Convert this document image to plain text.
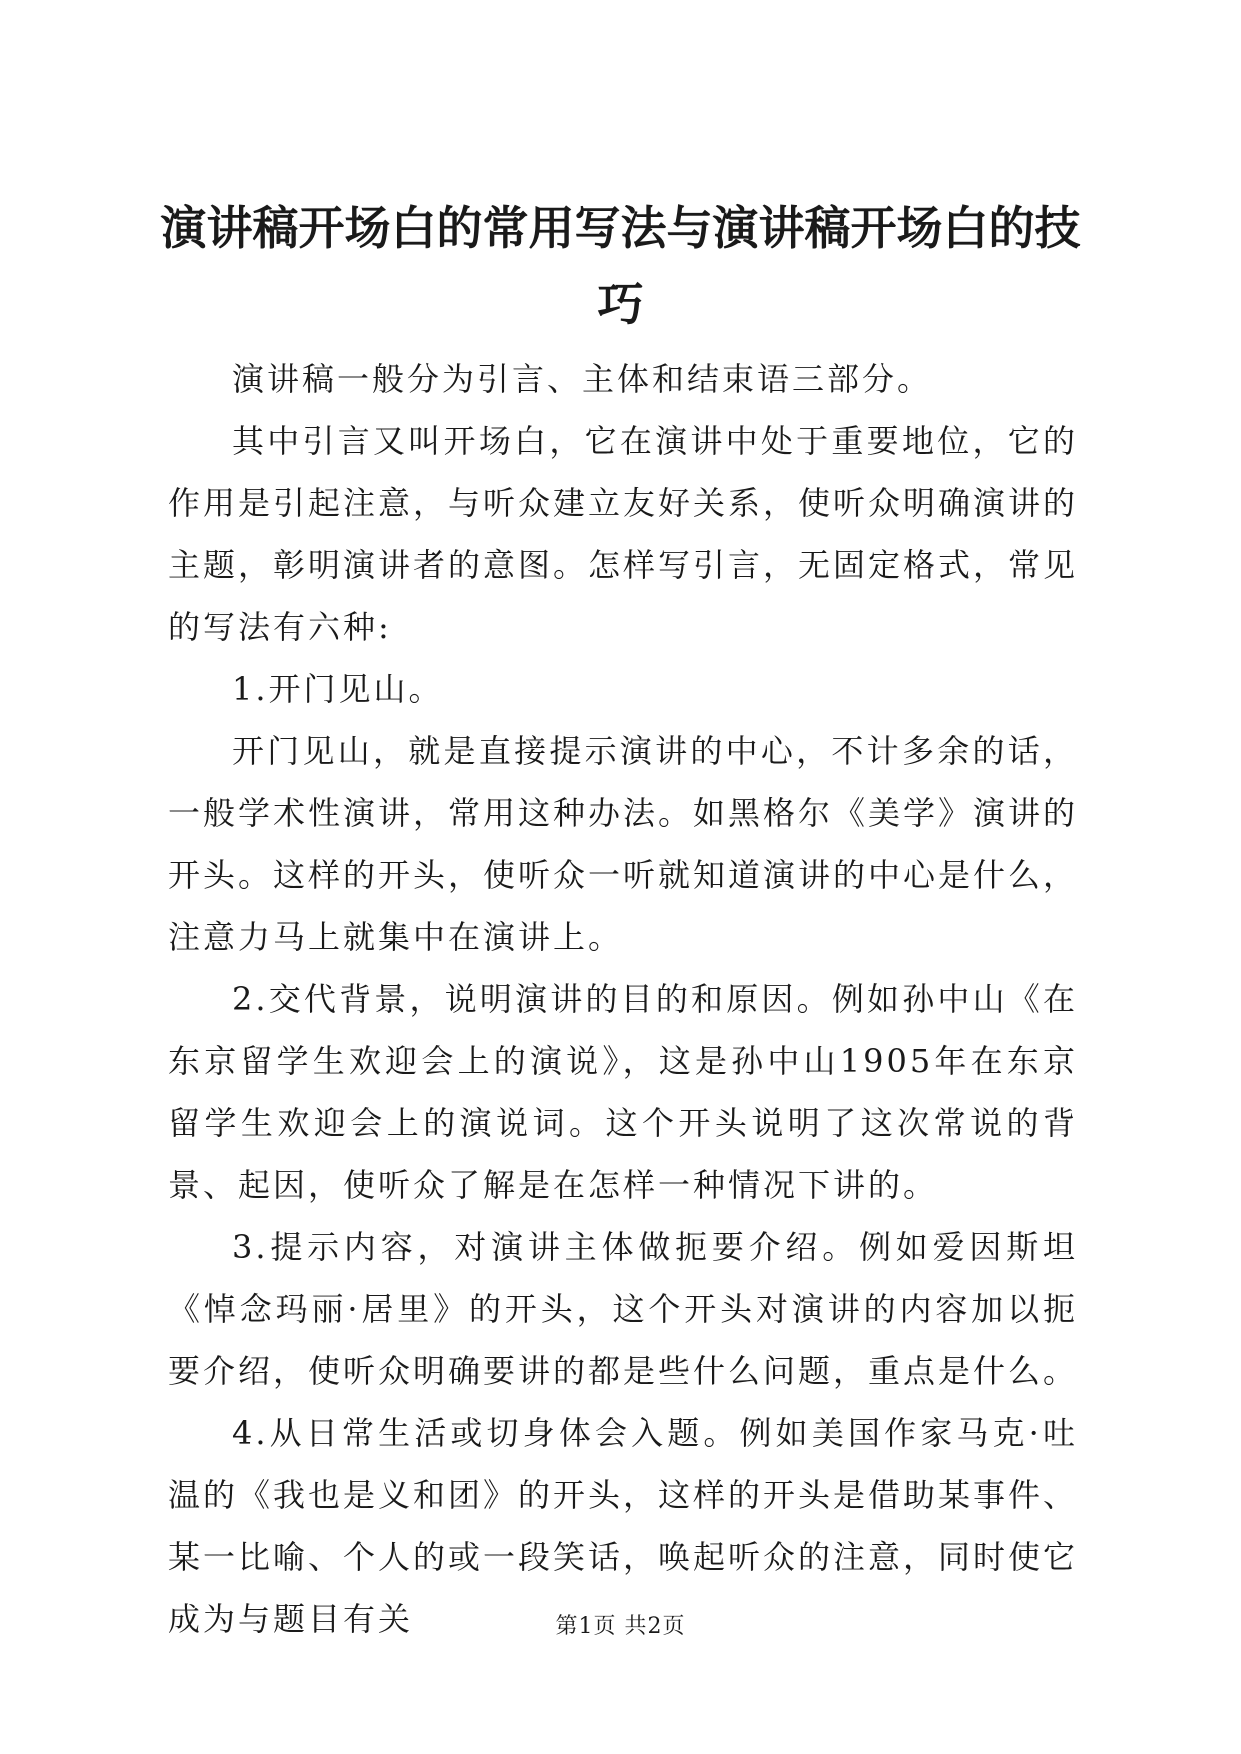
演讲稿开场白的常用写法与演讲稿开场白的技巧

演讲稿一般分为引言、主体和结束语三部分。

其中引言又叫开场白，它在演讲中处于重要地位，它的作用是引起注意，与听众建立友好关系，使听众明确演讲的主题，彰明演讲者的意图。怎样写引言，无固定格式，常见的写法有六种:

1.开门见山。

开门见山，就是直接提示演讲的中心，不计多余的话，一般学术性演讲，常用这种办法。如黑格尔《美学》演讲的开头。这样的开头，使听众一听就知道演讲的中心是什么，注意力马上就集中在演讲上。

2.交代背景，说明演讲的目的和原因。例如孙中山《在东京留学生欢迎会上的演说》，这是孙中山1905年在东京留学生欢迎会上的演说词。这个开头说明了这次常说的背景、起因，使听众了解是在怎样一种情况下讲的。

3.提示内容，对演讲主体做扼要介绍。例如爱因斯坦《悼念玛丽·居里》的开头，这个开头对演讲的内容加以扼要介绍，使听众明确要讲的都是些什么问题，重点是什么。

4.从日常生活或切身体会入题。例如美国作家马克·吐温的《我也是义和团》的开头，这样的开头是借助某事件、某一比喻、个人的或一段笑话，唤起听众的注意，同时使它成为与题目有关	第1页 共2页
